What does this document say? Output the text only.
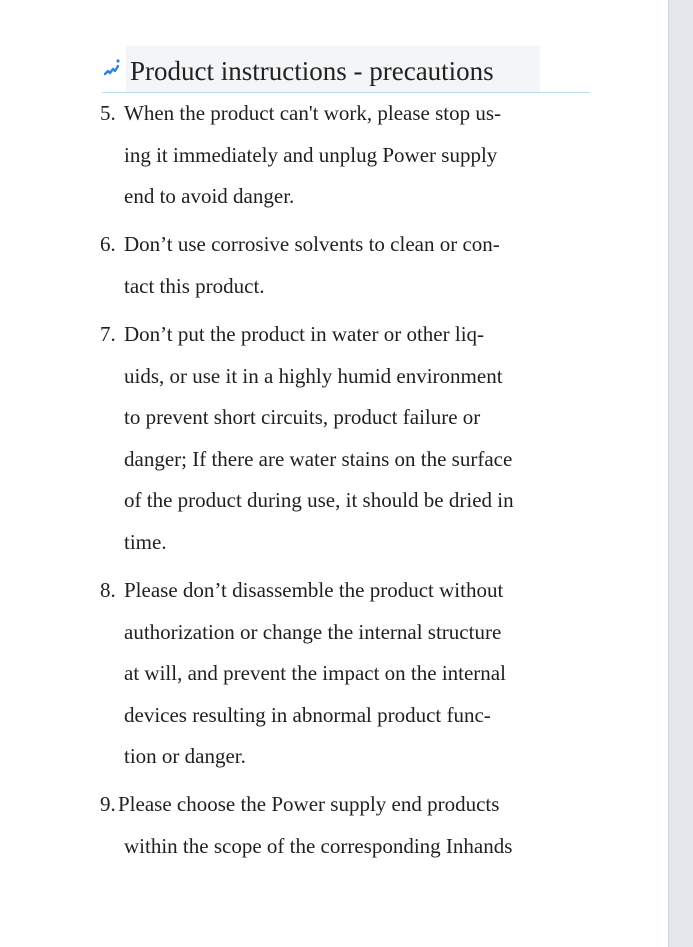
Product instructions - precautions
5. When the product can't work, please stop us-
ing it immediately and unplug Power supply
end to avoid danger.
6. Don’t use corrosive solvents to clean or con-
tact this product.
7. Don’t put the product in water or other liq-
uids, or use it in a highly humid environment
to prevent short circuits, product failure or
danger; If there are water stains on the surface
of the product during use, it should be dried in
time.
8. Please don’t disassemble the product without
authorization or change the internal structure
at will, and prevent the impact on the internal
devices resulting in abnormal product func-
tion or danger.
9. Please choose the Power supply end products
within the scope of the corresponding Inhands
